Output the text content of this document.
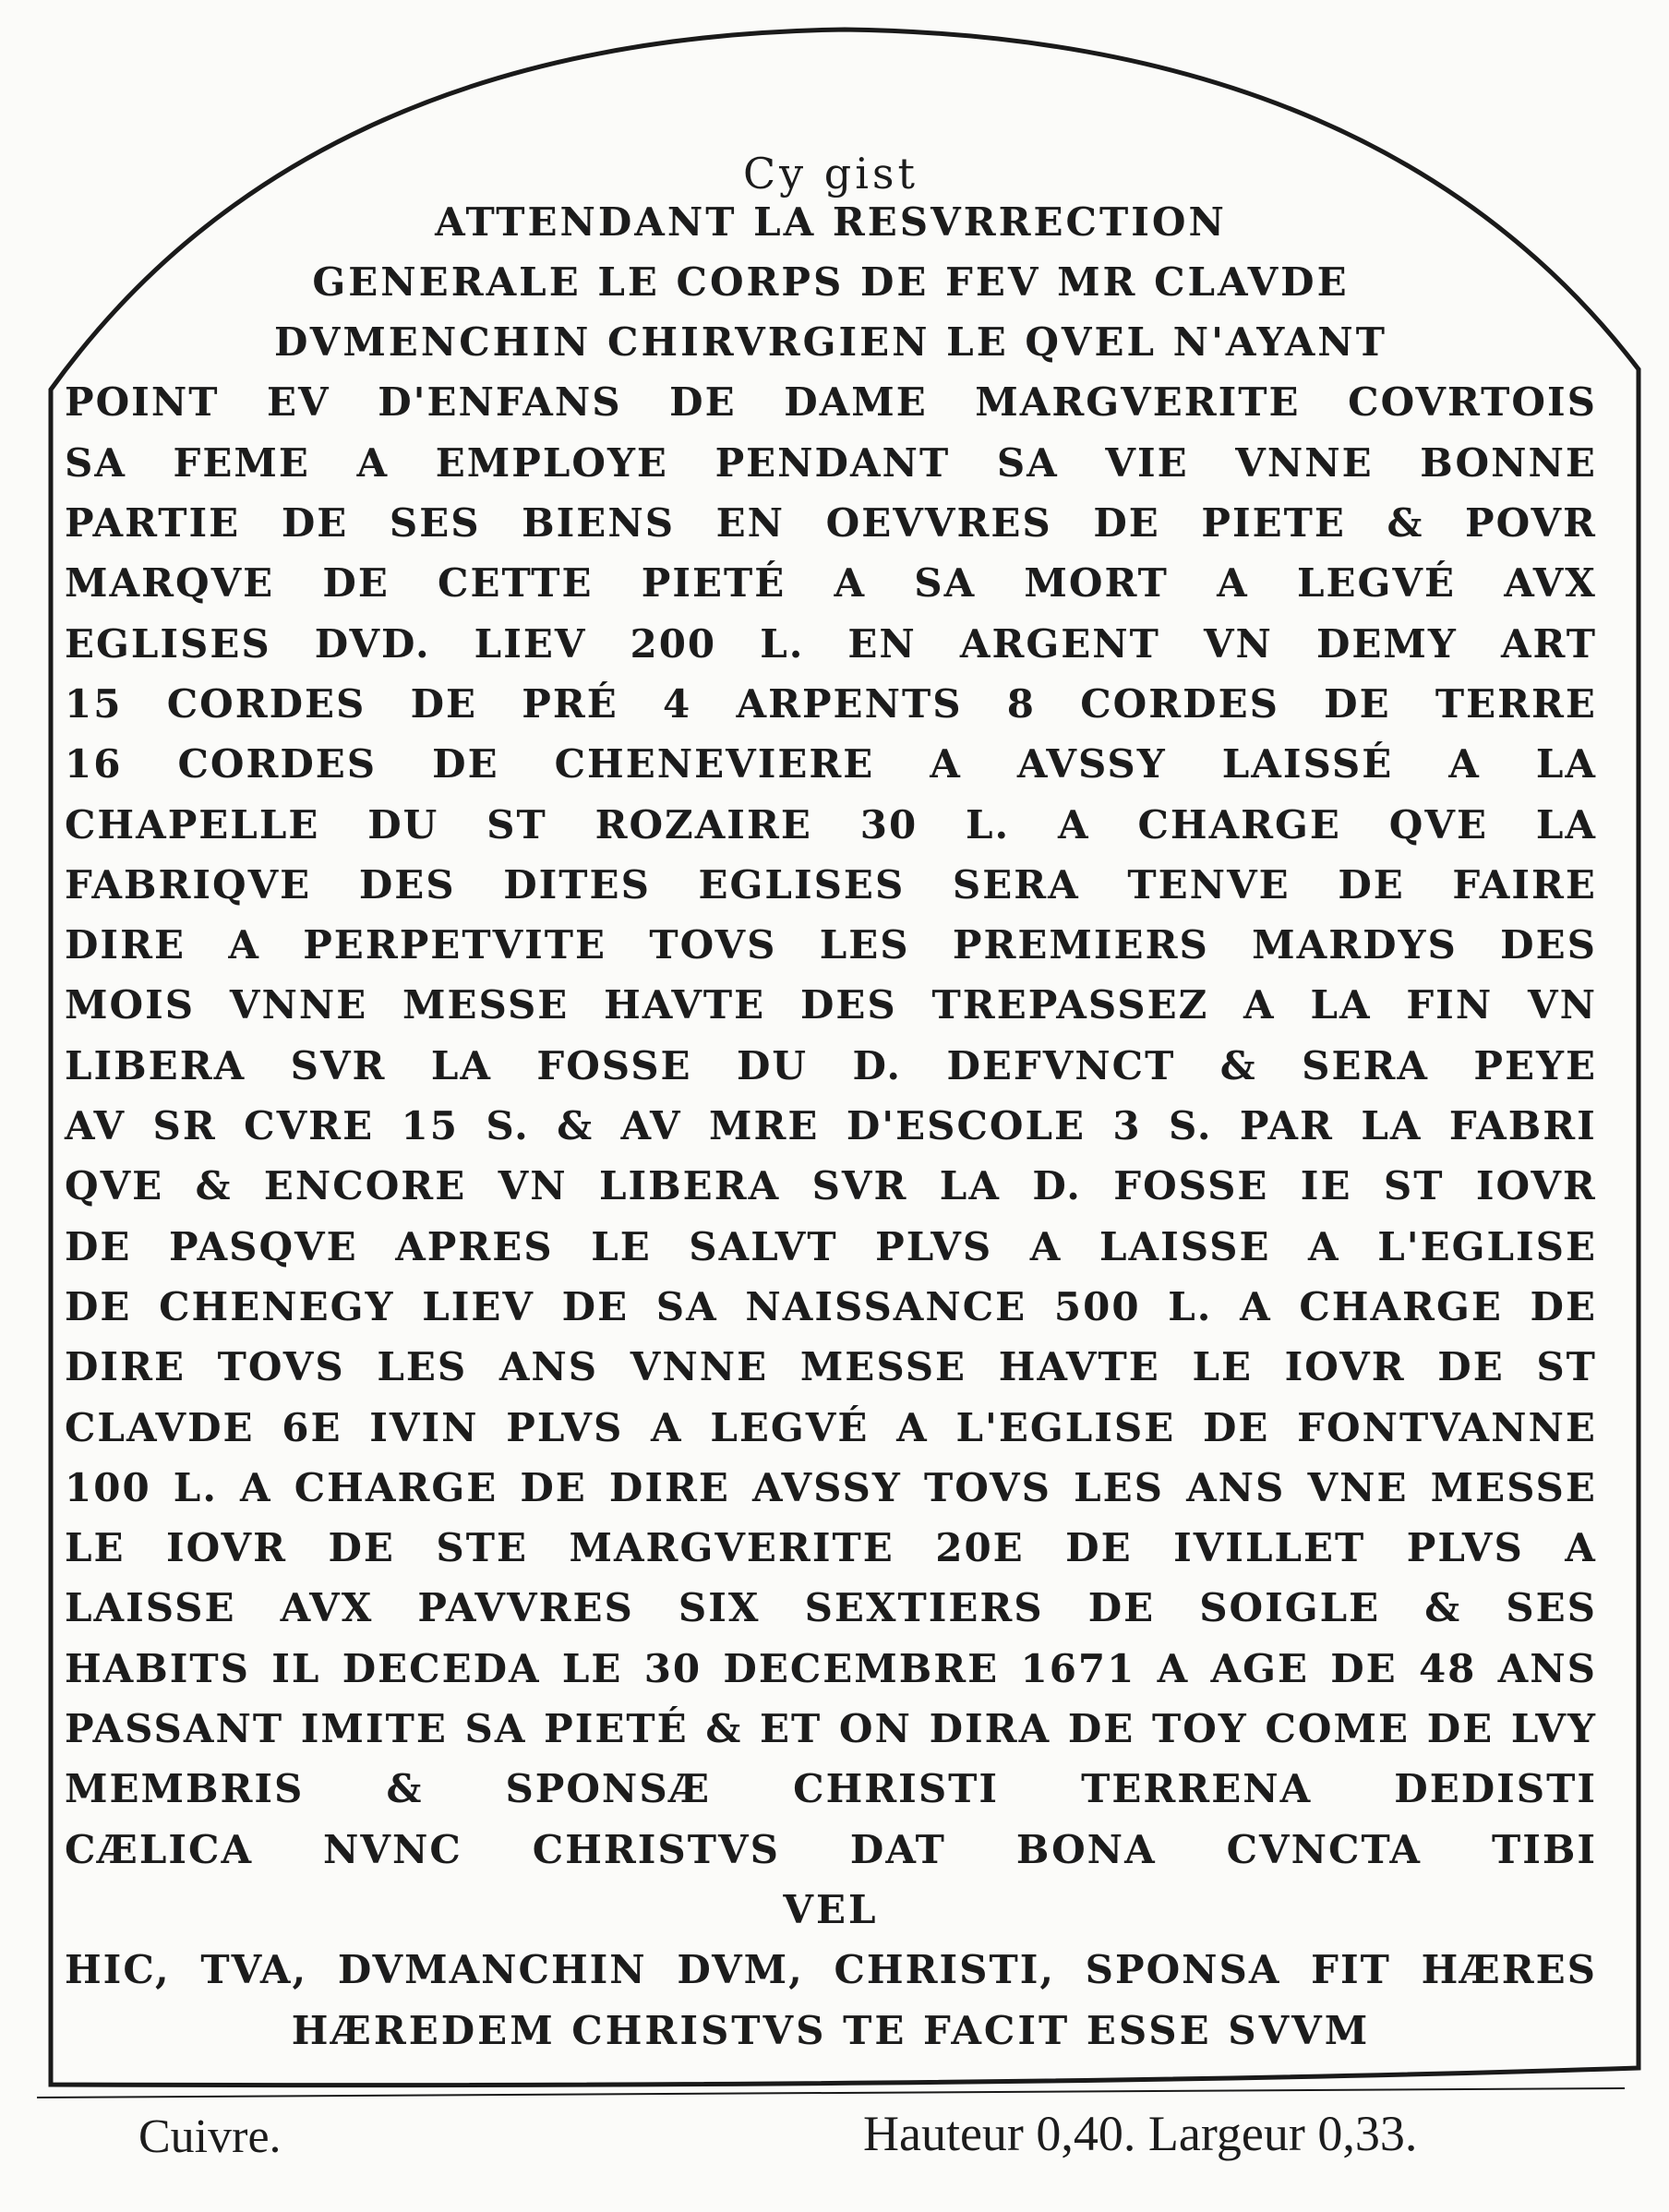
Cy gist
ATTENDANT LA RESVRRECTION
GENERALE LE CORPS DE FEV MR CLAVDE
DVMENCHIN CHIRVRGIEN LE QVEL N'AYANT
POINT EV D'ENFANS DE DAME MARGVERITE COVRTOIS
SA FEME A EMPLOYE PENDANT SA VIE VNNE BONNE
PARTIE DE SES BIENS EN OEVVRES DE PIETE & POVR
MARQVE DE CETTE PIETÉ A SA MORT A LEGVÉ AVX
EGLISES DVD. LIEV 200 L. EN ARGENT VN DEMY ART
15 CORDES DE PRÉ 4 ARPENTS 8 CORDES DE TERRE
16 CORDES DE CHENEVIERE A AVSSY LAISSÉ A LA
CHAPELLE DU ST ROZAIRE 30 L. A CHARGE QVE LA
FABRIQVE DES DITES EGLISES SERA TENVE DE FAIRE
DIRE A PERPETVITE TOVS LES PREMIERS MARDYS DES
MOIS VNNE MESSE HAVTE DES TREPASSEZ A LA FIN VN
LIBERA SVR LA FOSSE DU D. DEFVNCT & SERA PEYE
AV SR CVRE 15 S. & AV MRE D'ESCOLE 3 S. PAR LA FABRI
QVE & ENCORE VN LIBERA SVR LA D. FOSSE IE ST IOVR
DE PASQVE APRES LE SALVT PLVS A LAISSE A L'EGLISE
DE CHENEGY LIEV DE SA NAISSANCE 500 L. A CHARGE DE
DIRE TOVS LES ANS VNNE MESSE HAVTE LE IOVR DE ST
CLAVDE 6E IVIN PLVS A LEGVÉ A L'EGLISE DE FONTVANNE
100 L. A CHARGE DE DIRE AVSSY TOVS LES ANS VNE MESSE
LE IOVR DE STE MARGVERITE 20E DE IVILLET PLVS A
LAISSE AVX PAVVRES SIX SEXTIERS DE SOIGLE & SES
HABITS IL DECEDA LE 30 DECEMBRE 1671 A AGE DE 48 ANS
PASSANT IMITE SA PIETÉ & ET ON DIRA DE TOY COME DE LVY
MEMBRIS & SPONSÆ CHRISTI TERRENA DEDISTI
CÆLICA NVNC CHRISTVS DAT BONA CVNCTA TIBI
VEL
HIC, TVA, DVMANCHIN DVM, CHRISTI, SPONSA FIT HÆRES
HÆREDEM CHRISTVS TE FACIT ESSE SVVM
Cuivre.	Hauteur 0,40. Largeur 0,33.
